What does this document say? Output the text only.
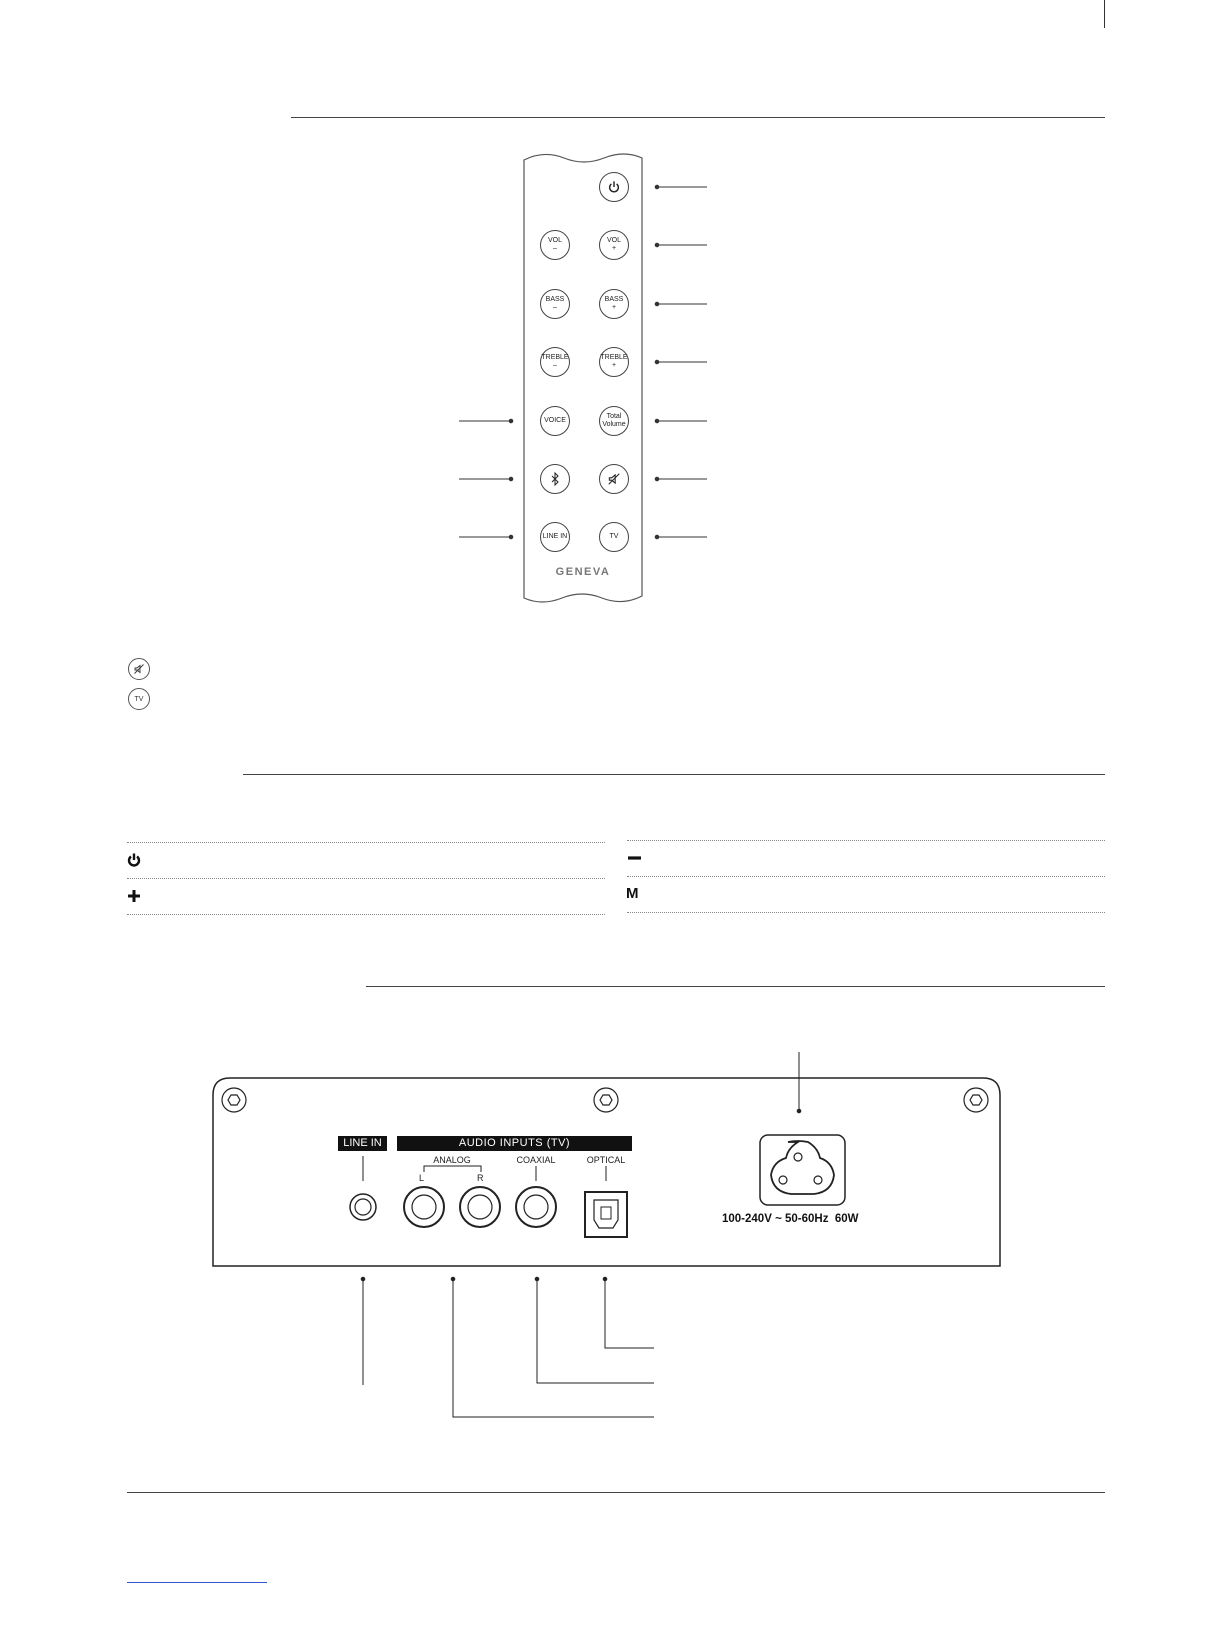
VOL
–
VOL
+
BASS
–
BASS
+
TREBLE
–
TREBLE
+
VOICE
Total
Volume
LINE IN	TV
GENEVA
TV
M
LINE IN	AUDIO INPUTS (TV)
ANALOG
L	R
COAXIAL	OPTICAL
100-240V ~ 50-60Hz  60W
